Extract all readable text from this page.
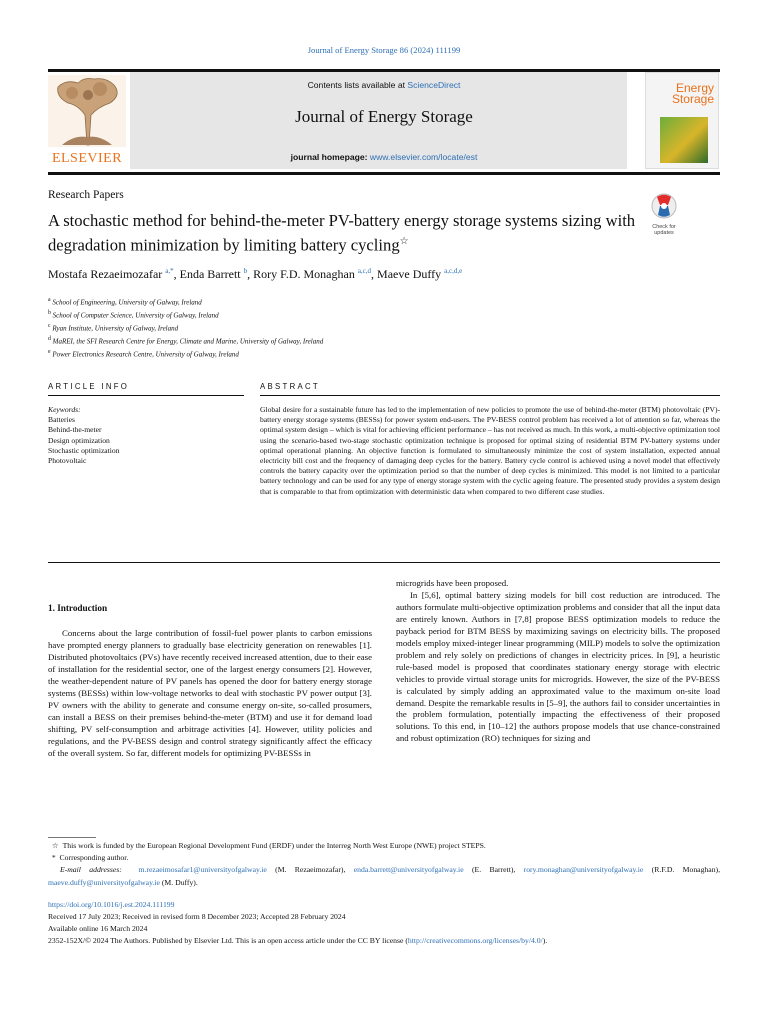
Journal of Energy Storage 86 (2024) 111199
ELSEVIER
Contents lists available at ScienceDirect
Journal of Energy Storage
journal homepage: www.elsevier.com/locate/est
Energy
Storage
Research Papers
A stochastic method for behind-the-meter PV-battery energy storage systems sizing with degradation minimization by limiting battery cycling☆
Check for updates
Mostafa Rezaeimozafar $^{a,*}$, Enda Barrett $^b$, Rory F.D. Monaghan $^{a,c,d}$, Maeve Duffy $^{a,c,d,e}$
$^a$ School of Engineering, University of Galway, Ireland
$^b$ School of Computer Science, University of Galway, Ireland
$^c$ Ryan Institute, University of Galway, Ireland
$^d$ MaREI, the SFI Research Centre for Energy, Climate and Marine, University of Galway, Ireland
$^e$ Power Electronics Research Centre, University of Galway, Ireland
ARTICLE INFO	ABSTRACT
Keywords:
Batteries
Behind-the-meter
Design optimization
Stochastic optimization
Photovoltaic
Global desire for a sustainable future has led to the implementation of new policies to promote the use of behind-the-meter (BTM) photovoltaic (PV)-battery energy storage systems (BESSs) for power system end-users. The PV-BESS control problem has received a lot of attention so far, whereas the optimal system design – which is vital for achieving efficient performance – has not received as much. In this work, a multi-objective optimization tool using the scenario-based two-stage stochastic optimization technique is proposed for optimal sizing of residential BTM PV-battery systems under optimal operational planning. An objective function is formulated to simultaneously minimize the cost of system installation, expected annual electricity bill cost and the frequency of damaging deep cycles for the battery. Battery cycle control is achieved using a novel model that effectively controls the battery capacity over the optimization period so that the number of deep cycles is minimized. This model is not limited to a particular battery technology and can be used for any type of energy storage system with the cyclic ageing feature. The presented study provides a system design that is comparable to that from optimization with deterministic data when compared to two different case studies.
1. Introduction

Concerns about the large contribution of fossil-fuel power plants to carbon emissions have prompted energy planners to gradually base electricity generation on renewables [1]. Distributed photovoltaics (PVs) have recently received increased attention, due to their ease of installation for the residential sector, one of the largest energy consumers [2]. However, the weather-dependent nature of PV panels has opened the door for battery energy storage systems (BESSs) within low-voltage networks to deal with stochastic PV power output [3]. PV owners with the ability to generate and consume energy on-site, so-called prosumers, can install a BESS on their premises behind-the-meter (BTM) and use it for demand load shifting, PV self-consumption and arbitrage activities [4]. However, utility policies and regulations, and the PV-BESS design and control strategy significantly affect the efficacy of the overall system. So far, different models for optimizing PV-BESSs in

microgrids have been proposed.

In [5,6], optimal battery sizing models for bill cost reduction are introduced. The authors formulate multi-objective optimization problems and consider that all the input data are entirely known. Authors in [7,8] propose BESS optimization models to reduce the payback period for BTM BESS by maximizing savings on electricity bills. The proposed models employ mixed-integer linear programming (MILP) models to solve the optimization problem and rely solely on predictions of changes in electricity prices. In [9], a heuristic rule-based model is proposed that coordinates stationary energy storage with electric vehicles to provide virtual storage units for microgrids. However, the size of the PV-BESS is calculated by simply adding an approximated value to the maximum on-site load demand. Despite the remarkable results in [5–9], the authors fail to consider uncertainties in the problem formulation, potentially impacting the effectiveness of their proposed solutions. To this end, in [10–12] the authors propose models that use chance-constrained and robust optimization (RO) techniques for sizing and

☆ This work is funded by the European Regional Development Fund (ERDF) under the Interreg North West Europe (NWE) project STEPS.

*  Corresponding author.

E-mail addresses: m.rezaeimosafar1@universityofgalway.ie (M. Rezaeimozafar), enda.barrett@universityofgalway.ie (E. Barrett), rory.monaghan@universityofgalway.ie (R.F.D. Monaghan), maeve.duffy@universityofgalway.ie (M. Duffy).

https://doi.org/10.1016/j.est.2024.111199

Received 17 July 2023; Received in revised form 8 December 2023; Accepted 28 February 2024

Available online 16 March 2024

2352-152X/© 2024 The Authors. Published by Elsevier Ltd. This is an open access article under the CC BY license (http://creativecommons.org/licenses/by/4.0/).
